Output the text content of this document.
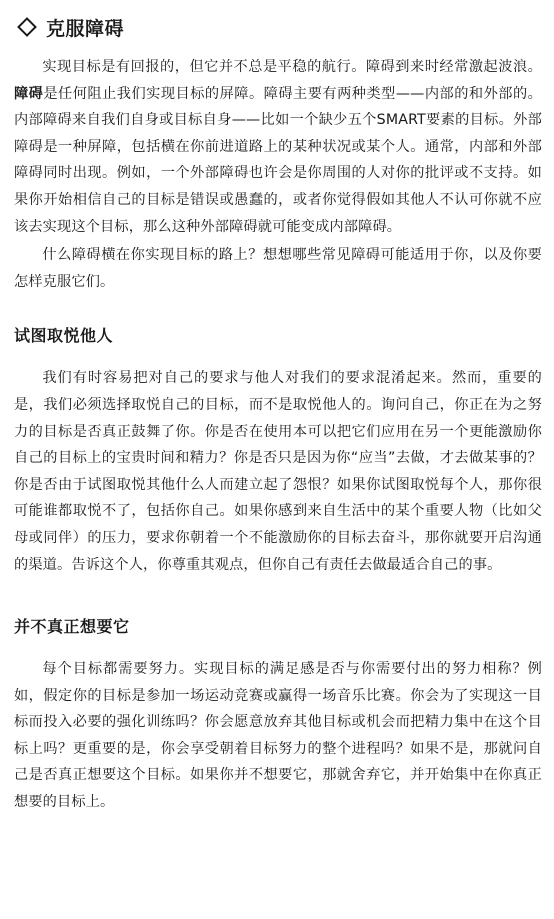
克服障碍

实现目标是有回报的，但它并不总是平稳的航行。障碍到来时经常激起波浪。障碍是任何阻止我们实现目标的屏障。障碍主要有两种类型——内部的和外部的。内部障碍来自我们自身或目标自身——比如一个缺少五个SMART要素的目标。外部障碍是一种屏障，包括横在你前进道路上的某种状况或某个人。通常，内部和外部障碍同时出现。例如，一个外部障碍也许会是你周围的人对你的批评或不支持。如果你开始相信自己的目标是错误或愚蠢的，或者你觉得假如其他人不认可你就不应该去实现这个目标，那么这种外部障碍就可能变成内部障碍。

什么障碍横在你实现目标的路上？想想哪些常见障碍可能适用于你，以及你要怎样克服它们。

试图取悦他人

我们有时容易把对自己的要求与他人对我们的要求混淆起来。然而，重要的是，我们必须选择取悦自己的目标，而不是取悦他人的。询问自己，你正在为之努力的目标是否真正鼓舞了你。你是否在使用本可以把它们应用在另一个更能激励你自己的目标上的宝贵时间和精力？你是否只是因为你“应当”去做，才去做某事的？你是否由于试图取悦其他什么人而建立起了怨恨？如果你试图取悦每个人，那你很可能谁都取悦不了，包括你自己。如果你感到来自生活中的某个重要人物（比如父母或同伴）的压力，要求你朝着一个不能激励你的目标去奋斗，那你就要开启沟通的渠道。告诉这个人，你尊重其观点，但你自己有责任去做最适合自己的事。

并不真正想要它

每个目标都需要努力。实现目标的满足感是否与你需要付出的努力相称？例如，假定你的目标是参加一场运动竞赛或赢得一场音乐比赛。你会为了实现这一目标而投入必要的强化训练吗？你会愿意放弃其他目标或机会而把精力集中在这个目标上吗？更重要的是，你会享受朝着目标努力的整个进程吗？如果不是，那就问自己是否真正想要这个目标。如果你并不想要它，那就舍弃它，并开始集中在你真正想要的目标上。
